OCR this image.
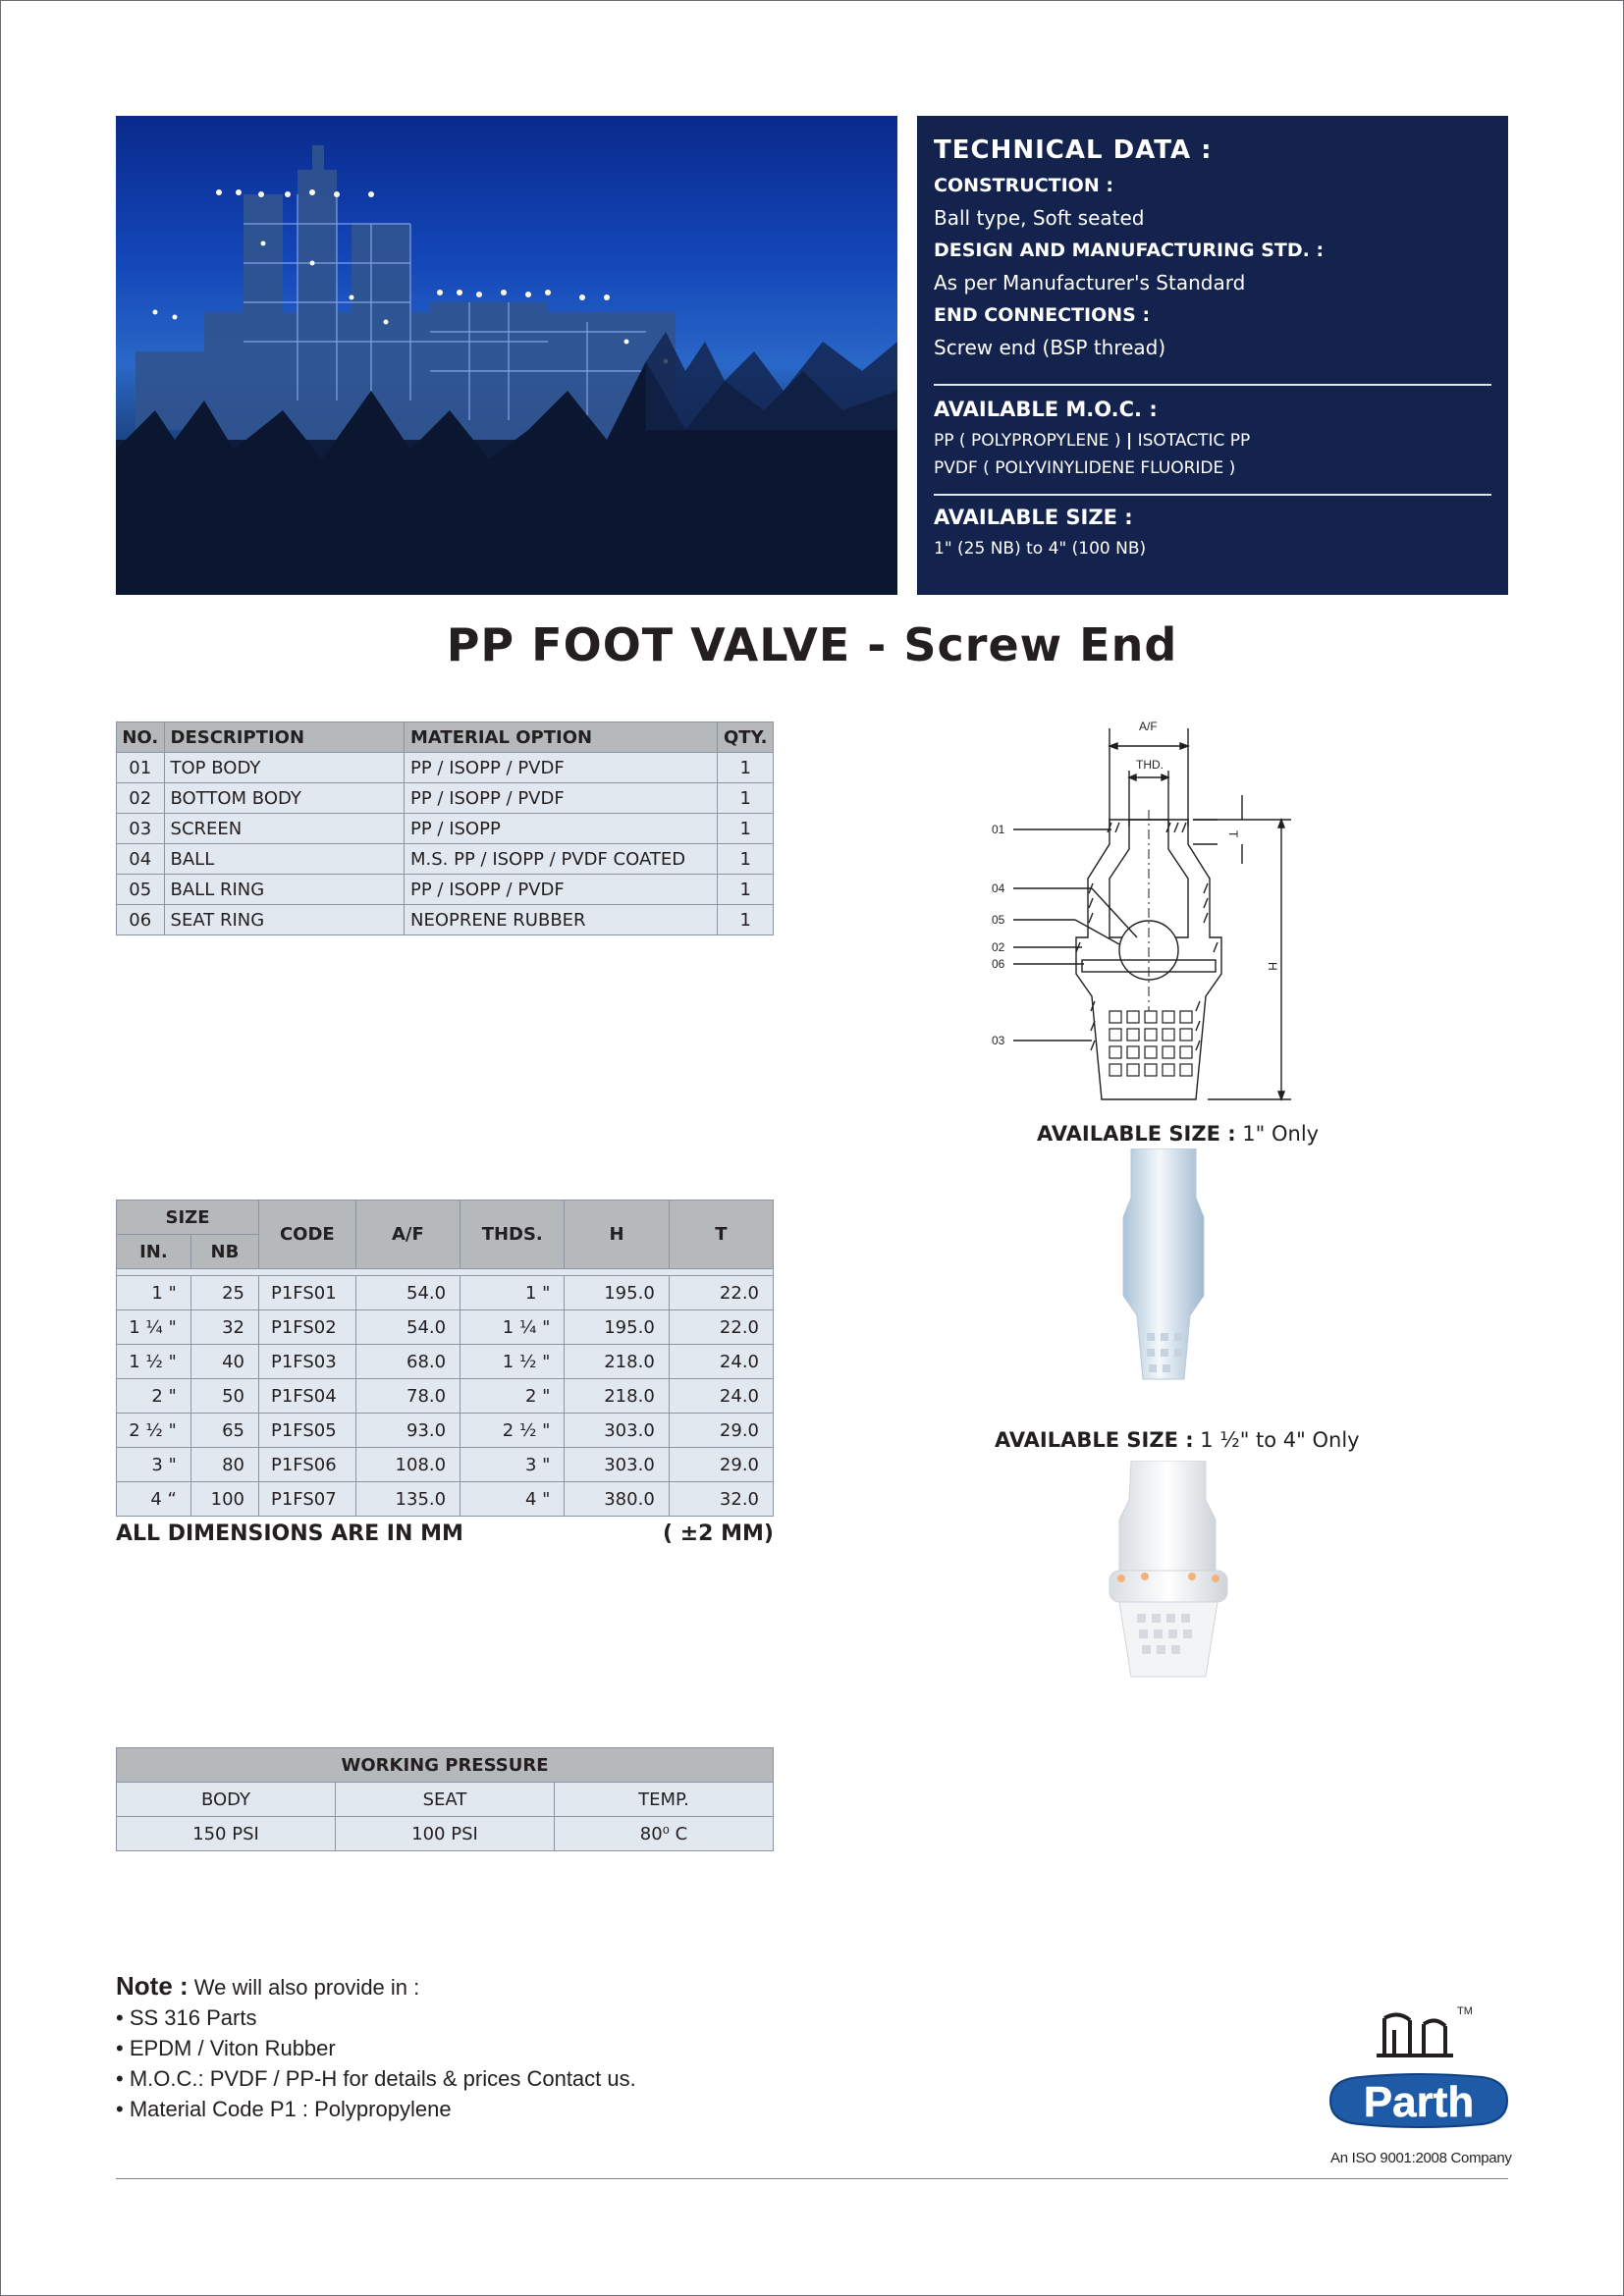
TECHNICAL DATA :
CONSTRUCTION :
Ball type, Soft seated
DESIGN AND MANUFACTURING STD. :
As per Manufacturer's Standard
END CONNECTIONS :
Screw end (BSP thread)
AVAILABLE M.O.C. :
PP ( POLYPROPYLENE ) | ISOTACTIC PP
PVDF ( POLYVINYLIDENE FLUORIDE )
AVAILABLE SIZE :
1" (25 NB) to 4" (100 NB)
PP FOOT VALVE - Screw End
NO.	DESCRIPTION	MATERIAL OPTION	QTY.
01	TOP BODY	PP / ISOPP / PVDF	1
02	BOTTOM BODY	PP / ISOPP / PVDF	1
03	SCREEN	PP / ISOPP	1
04	BALL	M.S. PP / ISOPP / PVDF COATED	1
05	BALL RING	PP / ISOPP / PVDF	1
06	SEAT RING	NEOPRENE RUBBER	1
SIZE		CODE	A/F	THDS.	H	T
IN.	NB					

1 "	25	P1FS01	54.0	1 "	195.0	22.0
1 ¼ "	32	P1FS02	54.0	1 ¼ "	195.0	22.0
1 ½ "	40	P1FS03	68.0	1 ½ "	218.0	24.0
2 "	50	P1FS04	78.0	2 "	218.0	24.0
2 ½ "	65	P1FS05	93.0	2 ½ "	303.0	29.0
3 "	80	P1FS06	108.0	3 "	303.0	29.0
4 “	100	P1FS07	135.0	4 "	380.0	32.0
ALL DIMENSIONS ARE IN MM	( ±2 MM)
WORKING PRESSURE		
BODY	SEAT	TEMP.
150 PSI	100 PSI	80⁰ C
A/F
THD.
T
H
01
04
05
02
06
03
AVAILABLE SIZE : 1" Only
AVAILABLE SIZE : 1 ½" to 4" Only
Note : We will also provide in :
• SS 316 Parts
• EPDM / Viton Rubber
• M.O.C.: PVDF / PP-H for details & prices Contact us.
• Material Code P1 : Polypropylene
TM
Parth
An ISO 9001:2008 Company
